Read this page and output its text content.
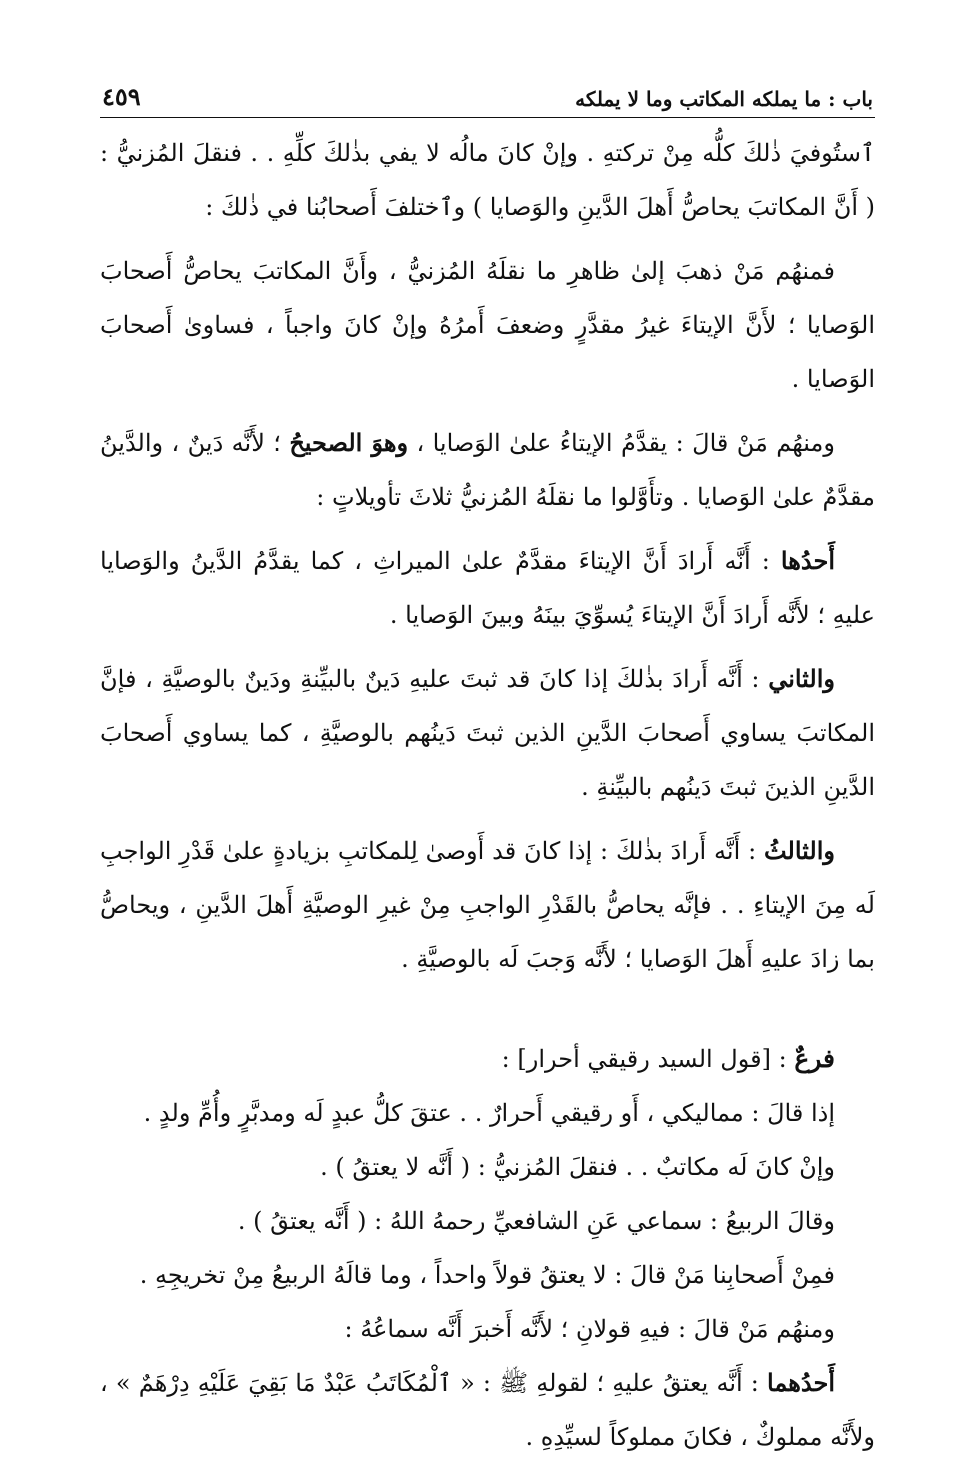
باب : ما يملكه المكاتب وما لا يملكه
٤٥٩

ٱستُوفيَ ذٰلكَ كلُّه مِنْ تركتهِ . وإنْ كانَ مالُه لا يفي بذٰلكَ كلِّهِ . . فنقلَ المُزنيُّ : ( أَنَّ المكاتبَ يحاصُّ أَهلَ الدَّينِ والوَصايا ) وٱختلفَ أَصحابُنا في ذٰلكَ :

فمنهُم مَنْ ذهبَ إلىٰ ظاهرِ ما نقلَهُ المُزنيُّ ، وأَنَّ المكاتبَ يحاصُّ أَصحابَ الوَصايا ؛ لأَنَّ الإيتاءَ غيرُ مقدَّرٍ وضعفَ أَمرُهُ وإنْ كانَ واجباً ، فساوىٰ أَصحابَ الوَصايا .

ومنهُم مَنْ قالَ : يقدَّمُ الإيتاءُ علىٰ الوَصايا ، وهوَ الصحيحُ ؛ لأَنَّه دَينٌ ، والدَّينُ مقدَّمٌ علىٰ الوَصايا . وتأَوَّلوا ما نقلَهُ المُزنيُّ ثلاثَ تأويلاتٍ :

أَحدُها : أَنَّه أَرادَ أَنَّ الإيتاءَ مقدَّمٌ علىٰ الميراثِ ، كما يقدَّمُ الدَّينُ والوَصايا عليهِ ؛ لأَنَّه أَرادَ أَنَّ الإيتاءَ يُسوِّيَ بينَهُ وبينَ الوَصايا .

والثاني : أَنَّه أَرادَ بذٰلكَ إذا كانَ قد ثبتَ عليهِ دَينٌ بالبيِّنةِ ودَينٌ بالوصيَّةِ ، فإنَّ المكاتبَ يساوي أَصحابَ الدَّينِ الذين ثبتَ دَينُهم بالوصيَّةِ ، كما يساوي أَصحابَ الدَّينِ الذينَ ثبتَ دَينُهم بالبيِّنةِ .

والثالثُ : أَنَّه أَرادَ بذٰلكَ : إذا كانَ قد أَوصىٰ لِلمكاتبِ بزيادةٍ علىٰ قَدْرِ الواجبِ لَه مِنَ الإيتاءِ . . فإنَّه يحاصُّ بالقَدْرِ الواجبِ مِنْ غيرِ الوصيَّةِ أَهلَ الدَّينِ ، ويحاصُّ بما زادَ عليهِ أَهلَ الوَصايا ؛ لأَنَّه وَجبَ لَه بالوصيَّةِ .

فرعٌ : [قول السيد رقيقي أحرار] :

إذا قالَ : مماليكي ، أَو رقيقي أَحرارٌ . . عتقَ كلُّ عبدٍ لَه ومدبَّرٍ وأُمِّ ولدٍ .

وإنْ كانَ لَه مكاتبٌ . . فنقلَ المُزنيُّ : ( أَنَّه لا يعتقُ ) .

وقالَ الربيعُ : سماعي عَنِ الشافعيِّ رحمهُ اللهُ : ( أَنَّه يعتقُ ) .

فمِنْ أَصحابِنا مَنْ قالَ : لا يعتقُ قولاً واحداً ، وما قالَهُ الربيعُ مِنْ تخريجِهِ .

ومنهُم مَنْ قالَ : فيهِ قولانِ ؛ لأَنَّه أَخبرَ أَنَّه سماعُهُ :

أَحدُهما : أَنَّه يعتقُ عليهِ ؛ لقولهِ ﷺ : « ٱلْمُكَاتَبُ عَبْدٌ مَا بَقِيَ عَلَيْهِ دِرْهَمٌ » ، ولأَنَّه مملوكٌ ، فكانَ مملوكاً لسيِّدِهِ .
